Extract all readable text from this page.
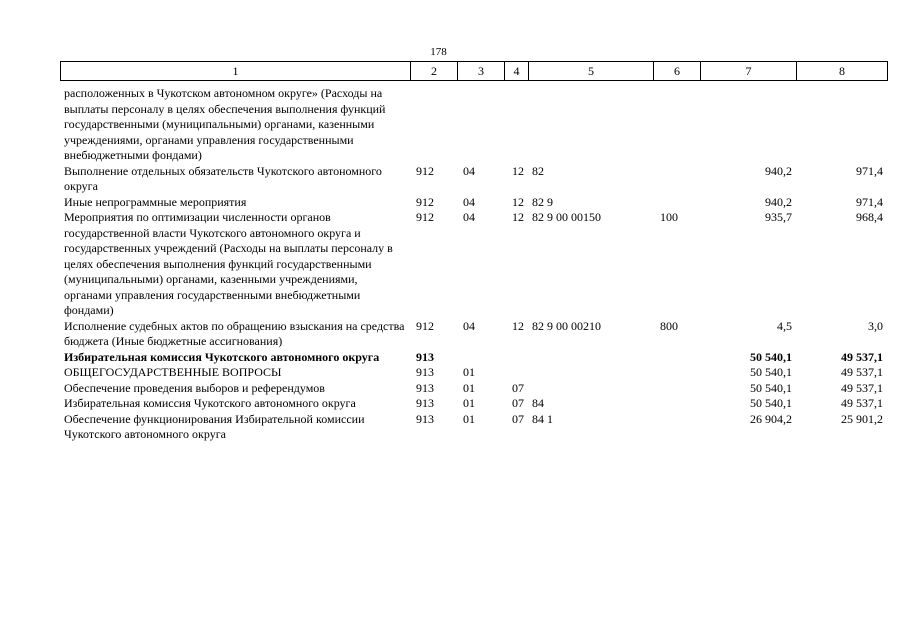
178
1	2	3	4	5	6	7	8
расположенных в Чукотском автономном округе» (Расходы на выплаты персоналу в целях обеспечения выполнения функций государственными (муниципальными) органами, казенными учреждениями, органами управления государственными внебюджетными фондами)							
Выполнение отдельных обязательств Чукотского автономного округа	912	04	12	82		940,2	971,4
Иные непрограммные мероприятия	912	04	12	82 9		940,2	971,4
Мероприятия по оптимизации численности органов государственной власти Чукотского автономного округа и государственных учреждений (Расходы на выплаты персоналу в целях обеспечения выполнения функций государственными (муниципальными) органами, казенными учреждениями, органами управления государственными внебюджетными фондами)	912	04	12	82 9 00 00150	100	935,7	968,4
Исполнение судебных актов по обращению взыскания на средства бюджета (Иные бюджетные ассигнования)	912	04	12	82 9 00 00210	800	4,5	3,0
Избирательная комиссия Чукотского автономного округа	913					50 540,1	49 537,1
ОБЩЕГОСУДАРСТВЕННЫЕ ВОПРОСЫ	913	01				50 540,1	49 537,1
Обеспечение проведения выборов и референдумов	913	01	07			50 540,1	49 537,1
Избирательная комиссия Чукотского автономного округа	913	01	07	84		50 540,1	49 537,1
Обеспечение функционирования Избирательной комиссии Чукотского автономного округа	913	01	07	84 1		26 904,2	25 901,2
